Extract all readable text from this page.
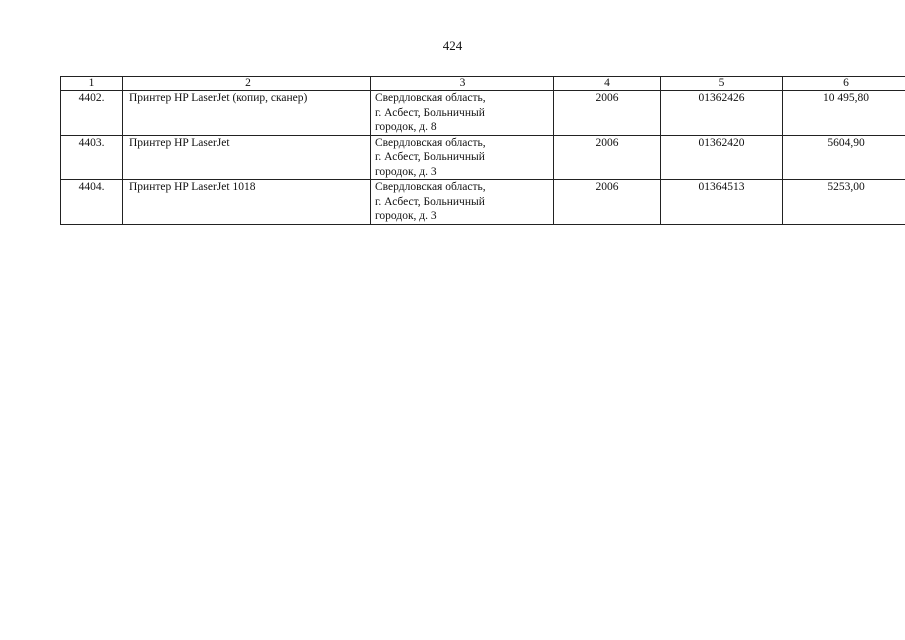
424
1	2	3	4	5	6
4402.	Принтер HP LaserJet (копир, сканер)	Свердловская область,
г. Асбест, Больничный
городок, д. 8	2006	01362426	10 495,80
4403.	Принтер HP LaserJet	Свердловская область,
г. Асбест, Больничный
городок, д. 3	2006	01362420	5604,90
4404.	Принтер HP LaserJet 1018	Свердловская область,
г. Асбест, Больничный
городок, д. 3	2006	01364513	5253,00
